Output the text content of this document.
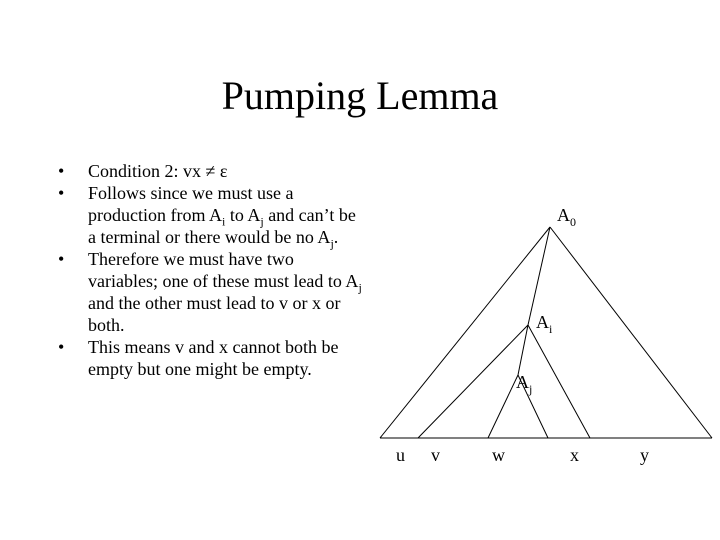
Pumping Lemma
• Condition 2: vx ≠ ε
• Follows since we must use a production from $A_i$ to $A_j$ and can’t be a terminal or there would be no $A_j$.
• Therefore we must have two variables; one of these must lead to $A_j$ and the other must lead to v or x or both.
• This means v and x cannot both be empty but one might be empty.
$A_0$
$A_i$
$A_j$
u v	w	x	y
